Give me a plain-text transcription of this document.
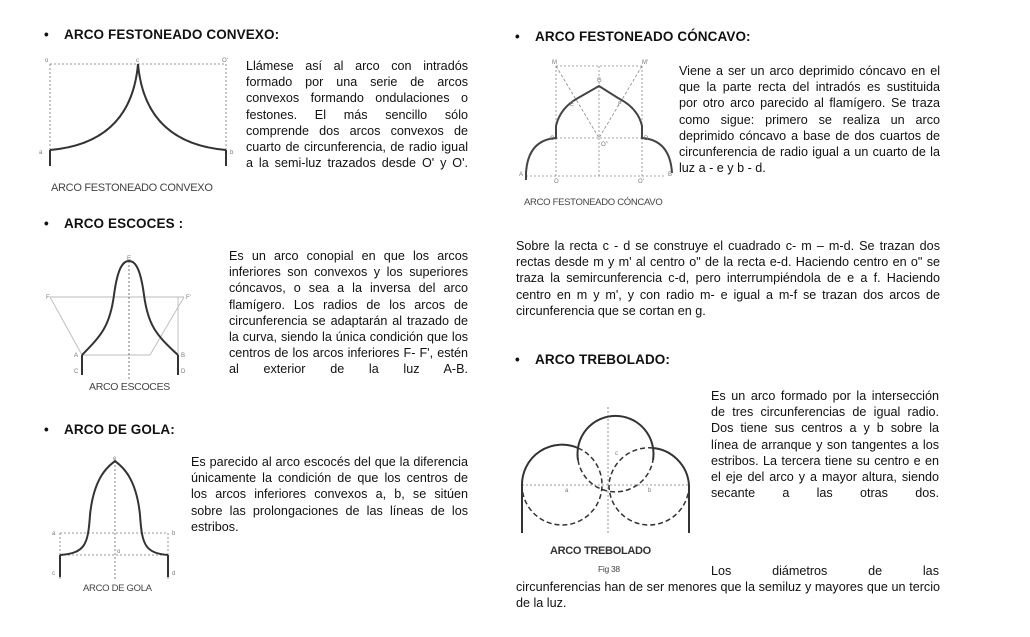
• ARCO FESTONEADO CONVEXO:
o	c	O'
a	b
ARCO FESTONEADO CONVEXO
Llámese así al arco con intradós formado por una serie de arcos convexos formando ondulaciones o festones. El más sencillo sólo comprende dos arcos convexos de cuarto de circunferencia, de radio igual a la semi-luz trazados desde O' y O'.
• ARCO ESCOCES :
E
F	F'
A	B
C	D
ARCO ESCOCES
Es un arco conopial en que los arcos inferiores son convexos y los superiores cóncavos, o sea a la inversa del arco flamígero. Los radios de los arcos de circunferencia se adaptarán al trazado de la curva, siendo la única condición que los centros de los arcos inferiores F- F', estén al exterior de la luz A-B.
• ARCO DE GOLA:
e
a	b
o
c	d
ARCO DE GOLA
Es parecido al arco escocés del que la diferencia únicamente la condición de que los centros de los arcos inferiores convexos a, b, se sitúen sobre las prolongaciones de las líneas de los estribos.
• ARCO FESTONEADO CÓNCAVO:
M	M'
G
E	F
C	D
O"
A
O	O'
B
ARCO FESTONEADO CÓNCAVO
Viene a ser un arco deprimido cóncavo en el que la parte recta del intradós es sustituida por otro arco parecido al flamígero. Se traza como sigue: primero se realiza un arco deprimido cóncavo a base de dos cuartos de circunferencia de radio igual a un cuarto de la luz a - e y b - d.
Sobre la recta c - d se construye el cuadrado c- m – m-d. Se trazan dos rectas desde m y m' al centro o" de la recta e-d. Haciendo centro en o" se traza la semircunferencia c-d, pero interrumpiéndola de e a f. Haciendo centro en m y m', y con radio m- e igual a m-f se trazan dos arcos de circunferencia que se cortan en g.
• ARCO TREBOLADO:
a	b
c
ARCO TREBOLADO
Fig 38
Es un arco formado por la intersección de tres circunferencias de igual radio. Dos tiene sus centros a y b sobre la línea de arranque y son tangentes a los estribos. La tercera tiene su centro e en el eje del arco y a mayor altura, siendo secante a las otras dos.
Los diámetros de las
circunferencias han de ser menores que la semiluz y mayores que un tercio de la luz.
